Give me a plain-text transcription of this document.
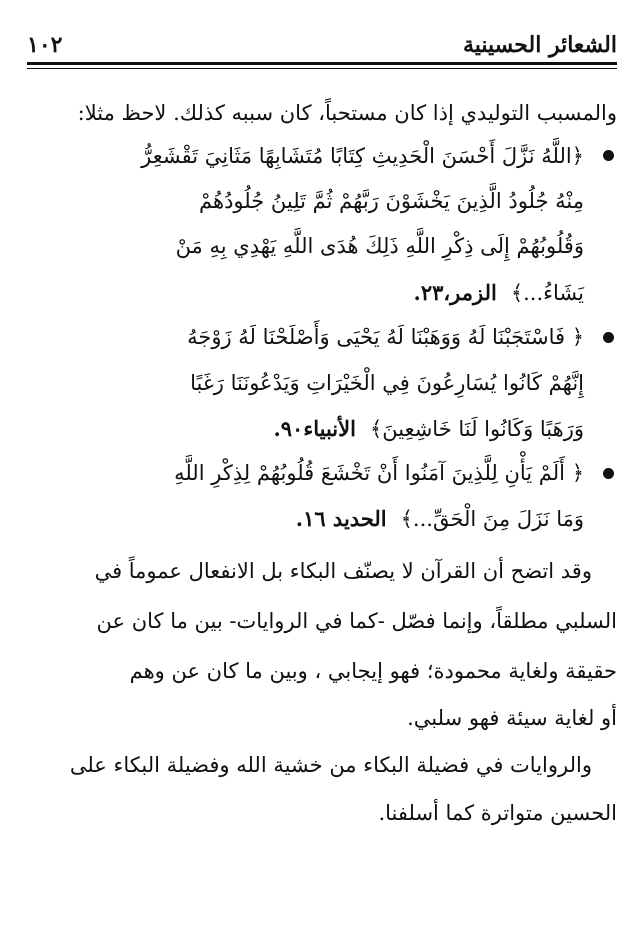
الشعائر الحسينية
١٠٢
والمسبب التوليدي إذا كان مستحباً، كان سببه كذلك. لاحظ مثلا:
﴿اللَّهُ نَزَّلَ أَحْسَنَ الْحَدِيثِ كِتَابًا مُتَشَابِهًا مَثَانِيَ تَقْشَعِرُّ
مِنْهُ جُلُودُ الَّذِينَ يَخْشَوْنَ رَبَّهُمْ ثُمَّ تَلِينُ جُلُودُهُمْ
وَقُلُوبُهُمْ إِلَى ذِكْرِ اللَّهِ ذَلِكَ هُدَى اللَّهِ يَهْدِي بِهِ مَنْ
يَشَاءُ...﴾الزمر،٢٣.
﴿ فَاسْتَجَبْنَا لَهُ وَوَهَبْنَا لَهُ يَحْيَى وَأَصْلَحْنَا لَهُ زَوْجَهُ
إِنَّهُمْ كَانُوا يُسَارِعُونَ فِي الْخَيْرَاتِ وَيَدْعُونَنَا رَغَبًا
وَرَهَبًا وَكَانُوا لَنَا خَاشِعِينَ﴾الأنبياء٩٠.
﴿ أَلَمْ يَأْنِ لِلَّذِينَ آمَنُوا أَنْ تَخْشَعَ قُلُوبُهُمْ لِذِكْرِ اللَّهِ
وَمَا نَزَلَ مِنَ الْحَقِّ...﴾الحديد ١٦.
وقد اتضح أن القرآن لا يصنّف البكاء بل الانفعال عموماً في
السلبي مطلقاً، وإنما فصّل -كما في الروايات- بين ما كان عن
حقيقة ولغاية محمودة؛ فهو إيجابي ، وبين ما كان عن وهم
أو لغاية سيئة فهو سلبي.
والروايات في فضيلة البكاء من خشية الله وفضيلة البكاء على
الحسين متواترة كما أسلفنا.
